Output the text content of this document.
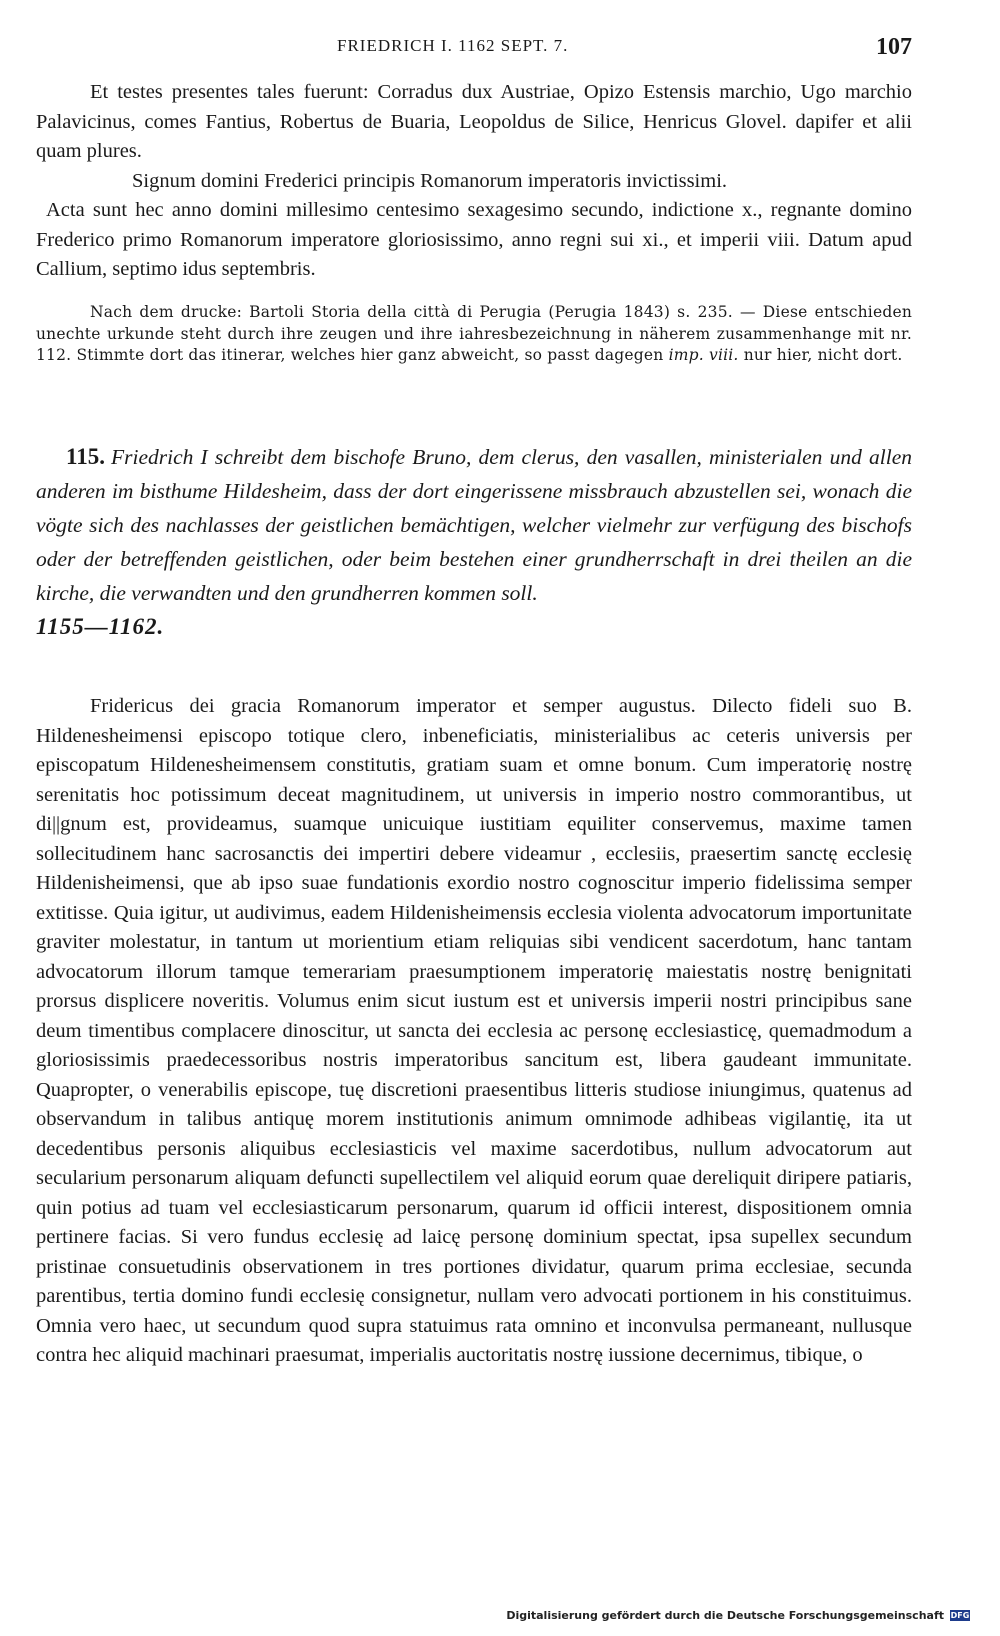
FRIEDRICH I. 1162 SEPT. 7.	107

Et testes presentes tales fuerunt: Corradus dux Austriae, Opizo Estensis marchio, Ugo marchio Palavicinus, comes Fantius, Robertus de Buaria, Leopoldus de Silice, Henricus Glovel. dapifer et alii quam plures.

Signum domini Frederici principis Romanorum imperatoris invictissimi.

Acta sunt hec anno domini millesimo centesimo sexagesimo secundo, indictione x., regnante domino Frederico primo Romanorum imperatore gloriosissimo, anno regni sui xi., et imperii viii. Datum apud Callium, septimo idus septembris.

Nach dem drucke: Bartoli Storia della città di Perugia (Perugia 1843) s. 235. — Diese entschieden unechte urkunde steht durch ihre zeugen und ihre iahresbezeichnung in näherem zusammenhange mit nr. 112. Stimmte dort das itinerar, welches hier ganz abweicht, so passt dagegen imp. viii. nur hier, nicht dort.
115. Friedrich I schreibt dem bischofe Bruno, dem clerus, den vasallen, ministerialen und allen anderen im bisthume Hildesheim, dass der dort eingerissene missbrauch abzustellen sei, wonach die vögte sich des nachlasses der geistlichen bemächtigen, welcher vielmehr zur verfügung des bischofs oder der betreffenden geistlichen, oder beim bestehen einer grundherrschaft in drei theilen an die kirche, die verwandten und den grundherren kommen soll.
1155—1162.

Fridericus dei gracia Romanorum imperator et semper augustus. Dilecto fideli suo B. Hildenesheimensi episcopo totique clero, inbeneficiatis, ministerialibus ac ceteris universis per episcopatum Hildenesheimensem constitutis, gratiam suam et omne bonum. Cum imperatorię nostrę serenitatis hoc potissimum deceat magnitudinem, ut universis in imperio nostro commorantibus, ut di||gnum est, provideamus, suamque unicuique iustitiam equiliter conservemus, maxime tamen sollecitudinem hanc sacrosanctis dei impertiri debere videamur , ecclesiis, praesertim sanctę ecclesię Hildenisheimensi, que ab ipso suae fundationis exordio nostro cognoscitur imperio fidelissima semper extitisse. Quia igitur, ut audivimus, eadem Hildenisheimensis ecclesia violenta advocatorum importunitate graviter molestatur, in tantum ut morientium etiam reliquias sibi vendicent sacerdotum, hanc tantam advocatorum illorum tamque temerariam praesumptionem imperatorię maiestatis nostrę benignitati prorsus displicere noveritis. Volumus enim sicut iustum est et universis imperii nostri principibus sane deum timentibus complacere dinoscitur, ut sancta dei ecclesia ac personę ecclesiasticę, quemadmodum a gloriosissimis praedecessoribus nostris imperatoribus sancitum est, libera gaudeant immunitate. Quapropter, o venerabilis episcope, tuę discretioni praesentibus litteris studiose iniungimus, quatenus ad observandum in talibus antiquę morem institutionis animum omnimode adhibeas vigilantię, ita ut decedentibus personis aliquibus ecclesiasticis vel maxime sacerdotibus, nullum advocatorum aut secularium personarum aliquam defuncti supellectilem vel aliquid eorum quae dereliquit diripere patiaris, quin potius ad tuam vel ecclesiasticarum personarum, quarum id officii interest, dispositionem omnia pertinere facias. Si vero fundus ecclesię ad laicę personę dominium spectat, ipsa supellex secundum pristinae consuetudinis observationem in tres portiones dividatur, quarum prima ecclesiae, secunda parentibus, tertia domino fundi ecclesię consignetur, nullam vero advocati portionem in his constituimus. Omnia vero haec, ut secundum quod supra statuimus rata omnino et inconvulsa permaneant, nullusque contra hec aliquid machinari praesumat, imperialis auctoritatis nostrę iussione decernimus, tibique, o

Digitalisierung gefördert durch die Deutsche Forschungsgemeinschaft DFG
